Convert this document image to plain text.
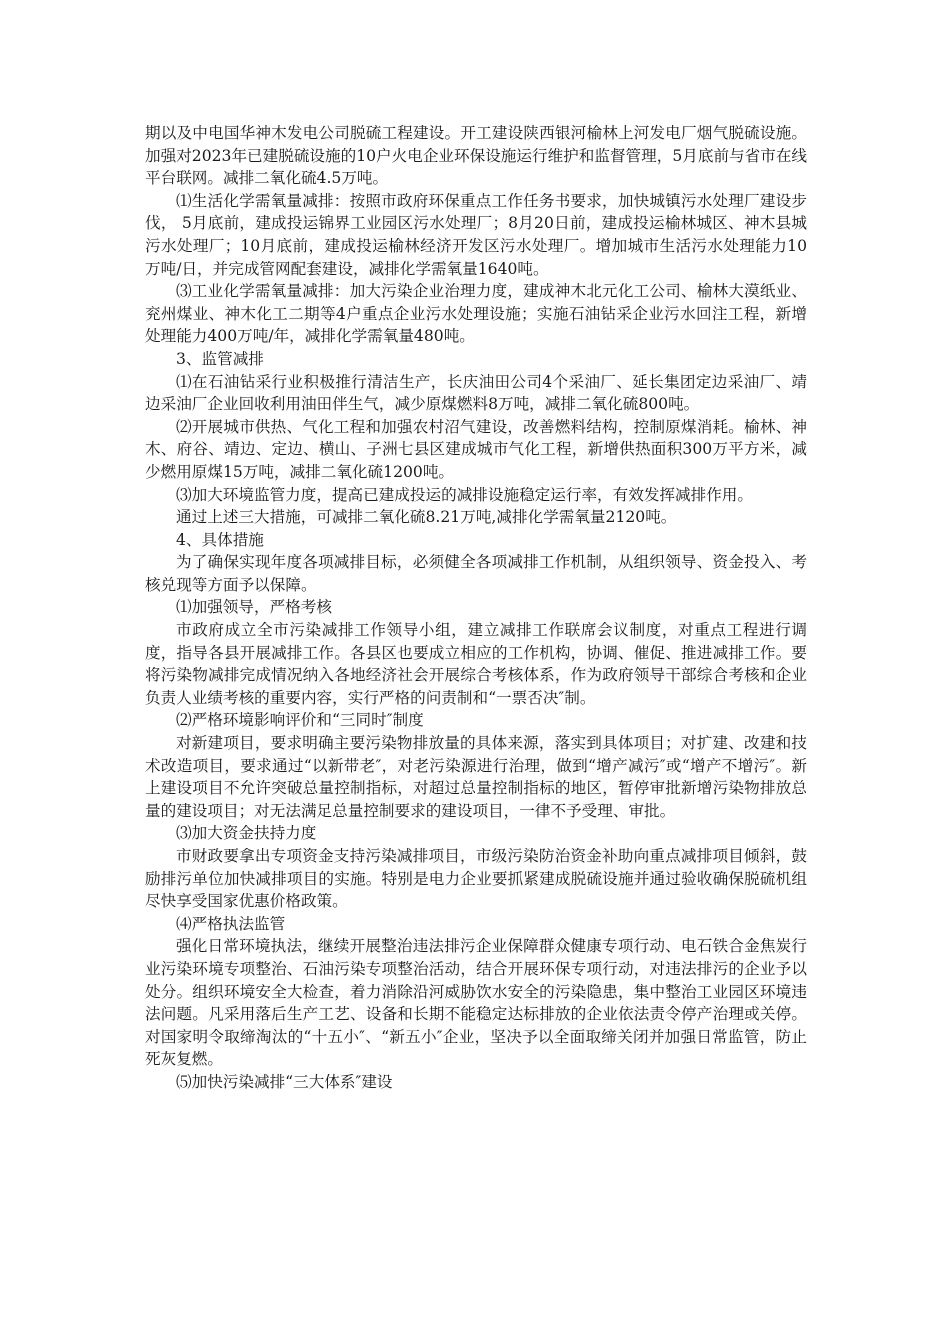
期以及中电国华神木发电公司脱硫工程建设。开工建设陕西银河榆林上河发电厂烟气脱硫设施。加强对2023年已建脱硫设施的10户火电企业环保设施运行维护和监督管理，5月底前与省市在线平台联网。减排二氧化硫4.5万吨。

⑴生活化学需氧量减排：按照市政府环保重点工作任务书要求，加快城镇污水处理厂建设步伐， 5月底前，建成投运锦界工业园区污水处理厂；8月20日前，建成投运榆林城区、神木县城污水处理厂；10月底前，建成投运榆林经济开发区污水处理厂。增加城市生活污水处理能力10万吨/日，并完成管网配套建设，减排化学需氧量1640吨。

⑶工业化学需氧量减排：加大污染企业治理力度，建成神木北元化工公司、榆林大漠纸业、兖州煤业、神木化工二期等4户重点企业污水处理设施；实施石油钻采企业污水回注工程，新增处理能力400万吨/年，减排化学需氧量480吨。

3、监管减排

⑴在石油钻采行业积极推行清洁生产，长庆油田公司4个采油厂、延长集团定边采油厂、靖边采油厂企业回收利用油田伴生气，减少原煤燃料8万吨，减排二氧化硫800吨。

⑵开展城市供热、气化工程和加强农村沼气建设，改善燃料结构，控制原煤消耗。榆林、神木、府谷、靖边、定边、横山、子洲七县区建成城市气化工程，新增供热面积300万平方米，减少燃用原煤15万吨，减排二氧化硫1200吨。

⑶加大环境监管力度，提高已建成投运的减排设施稳定运行率，有效发挥减排作用。

通过上述三大措施，可减排二氧化硫8.21万吨,减排化学需氧量2120吨。

4、具体措施

为了确保实现年度各项减排目标，必须健全各项减排工作机制，从组织领导、资金投入、考核兑现等方面予以保障。

⑴加强领导，严格考核

市政府成立全市污染减排工作领导小组，建立减排工作联席会议制度，对重点工程进行调度，指导各县开展减排工作。各县区也要成立相应的工作机构，协调、催促、推进减排工作。要将污染物减排完成情况纳入各地经济社会开展综合考核体系，作为政府领导干部综合考核和企业负责人业绩考核的重要内容，实行严格的问责制和“一票否决″制。

⑵严格环境影响评价和“三同时″制度

对新建项目，要求明确主要污染物排放量的具体来源，落实到具体项目；对扩建、改建和技术改造项目，要求通过“以新带老″，对老污染源进行治理，做到“增产减污″或“增产不增污″。新上建设项目不允许突破总量控制指标，对超过总量控制指标的地区，暂停审批新增污染物排放总量的建设项目；对无法满足总量控制要求的建设项目，一律不予受理、审批。

⑶加大资金扶持力度

市财政要拿出专项资金支持污染减排项目，市级污染防治资金补助向重点减排项目倾斜，鼓励排污单位加快减排项目的实施。特别是电力企业要抓紧建成脱硫设施并通过验收确保脱硫机组尽快享受国家优惠价格政策。

⑷严格执法监管

强化日常环境执法，继续开展整治违法排污企业保障群众健康专项行动、电石铁合金焦炭行业污染环境专项整治、石油污染专项整治活动，结合开展环保专项行动，对违法排污的企业予以处分。组织环境安全大检查，着力消除沿河威胁饮水安全的污染隐患，集中整治工业园区环境违法问题。凡采用落后生产工艺、设备和长期不能稳定达标排放的企业依法责令停产治理或关停。对国家明令取缔淘汰的“十五小″、“新五小″企业，坚决予以全面取缔关闭并加强日常监管，防止死灰复燃。

⑸加快污染减排“三大体系″建设
